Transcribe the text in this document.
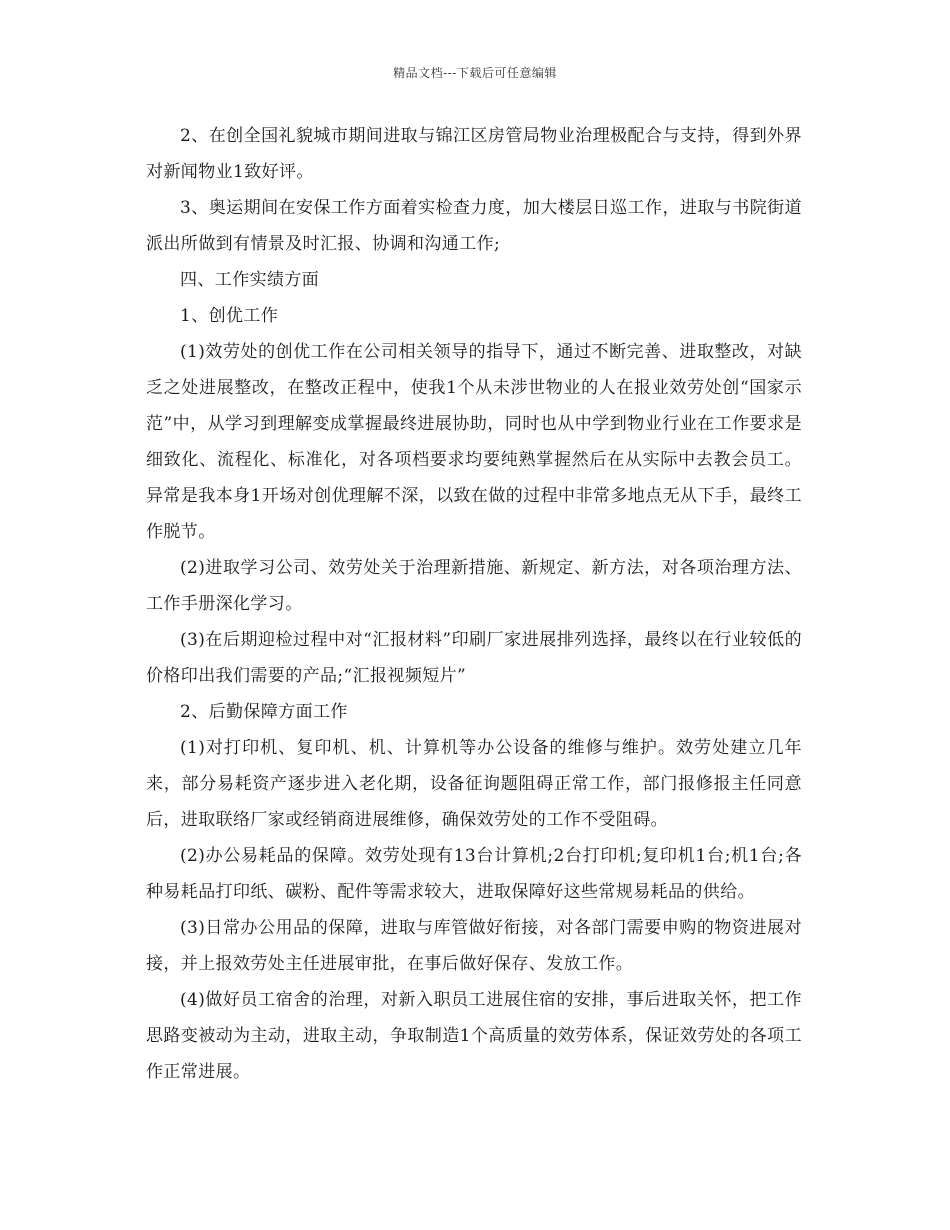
精品文档---下载后可任意编辑

2、在创全国礼貌城市期间进取与锦江区房管局物业治理极配合与支持，得到外界对新闻物业1致好评。

3、奥运期间在安保工作方面着实检查力度，加大楼层日巡工作，进取与书院街道派出所做到有情景及时汇报、协调和沟通工作;

四、工作实绩方面

1、创优工作

(1)效劳处的创优工作在公司相关领导的指导下，通过不断完善、进取整改，对缺乏之处进展整改，在整改正程中，使我1个从未涉世物业的人在报业效劳处创“国家示范”中，从学习到理解变成掌握最终进展协助，同时也从中学到物业行业在工作要求是细致化、流程化、标准化，对各项档要求均要纯熟掌握然后在从实际中去教会员工。异常是我本身1开场对创优理解不深，以致在做的过程中非常多地点无从下手，最终工作脱节。

(2)进取学习公司、效劳处关于治理新措施、新规定、新方法，对各项治理方法、工作手册深化学习。

(3)在后期迎检过程中对“汇报材料”印刷厂家进展排列选择，最终以在行业较低的价格印出我们需要的产品;“汇报视频短片”

2、后勤保障方面工作

(1)对打印机、复印机、机、计算机等办公设备的维修与维护。效劳处建立几年来，部分易耗资产逐步进入老化期，设备征询题阻碍正常工作，部门报修报主任同意后，进取联络厂家或经销商进展维修，确保效劳处的工作不受阻碍。

(2)办公易耗品的保障。效劳处现有13台计算机;2台打印机;复印机1台;机1台;各种易耗品打印纸、碳粉、配件等需求较大，进取保障好这些常规易耗品的供给。

(3)日常办公用品的保障，进取与库管做好衔接，对各部门需要申购的物资进展对接，并上报效劳处主任进展审批，在事后做好保存、发放工作。

(4)做好员工宿舍的治理，对新入职员工进展住宿的安排，事后进取关怀，把工作思路变被动为主动，进取主动，争取制造1个高质量的效劳体系，保证效劳处的各项工作正常进展。
